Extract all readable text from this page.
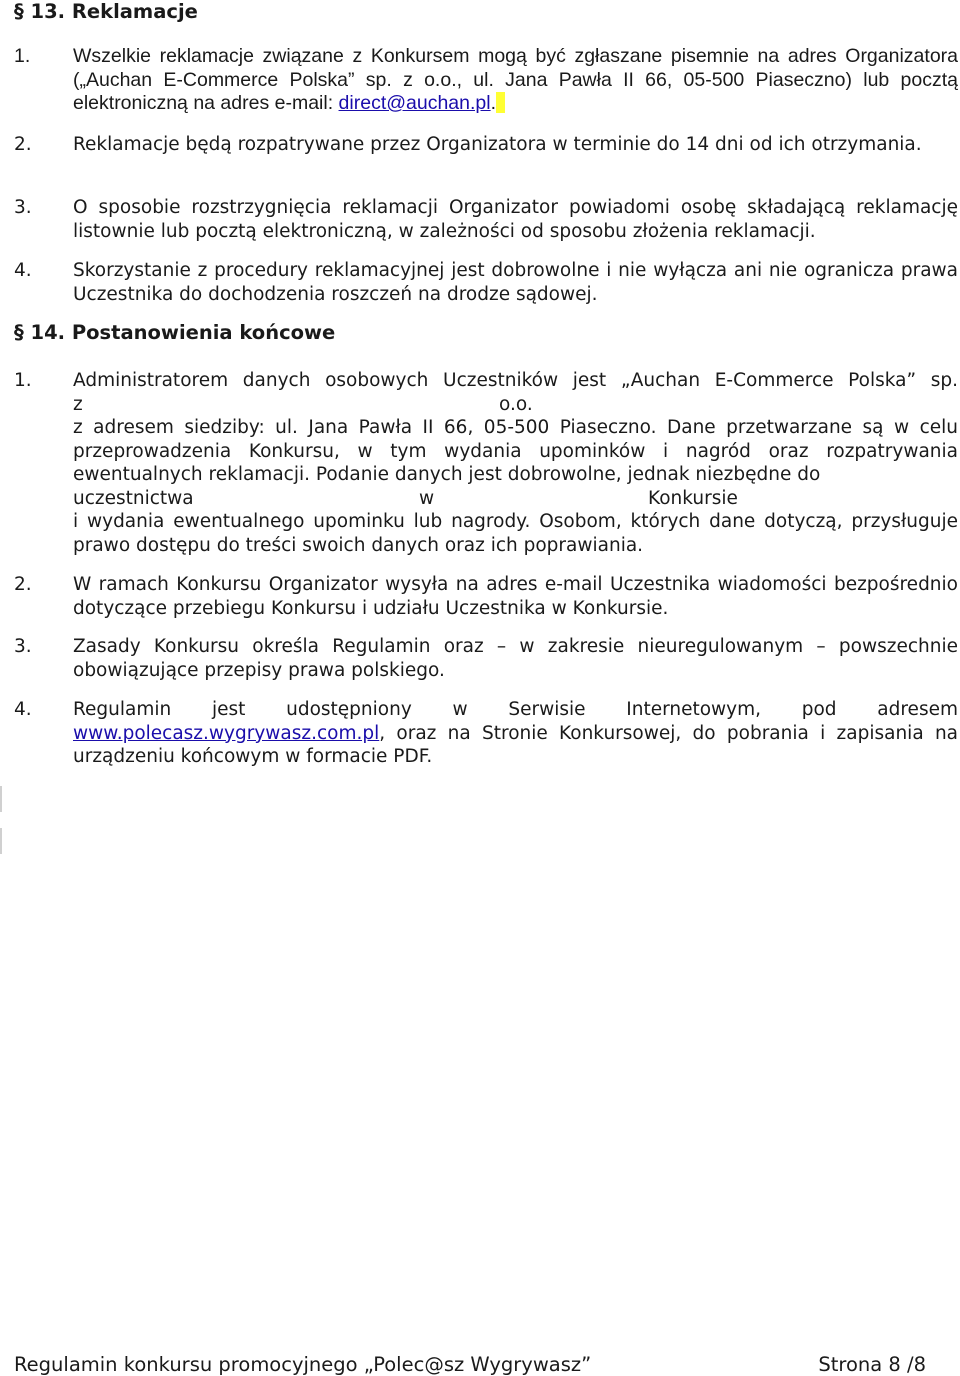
§ 13. Reklamacje
1. Wszelkie reklamacje związane z Konkursem mogą być zgłaszane pisemnie na adres Organizatora („Auchan E-Commerce Polska” sp. z o.o., ul. Jana Pawła II 66, 05-500 Piaseczno) lub pocztą elektroniczną na adres e-mail: direct@auchan.pl.
2. Reklamacje będą rozpatrywane przez Organizatora w terminie do 14 dni od ich otrzymania.
3. O sposobie rozstrzygnięcia reklamacji Organizator powiadomi osobę składającą reklamację listownie lub pocztą elektroniczną, w zależności od sposobu złożenia reklamacji.
4. Skorzystanie z procedury reklamacyjnej jest dobrowolne i nie wyłącza ani nie ogranicza prawa Uczestnika do dochodzenia roszczeń na drodze sądowej.
§ 14. Postanowienia końcowe
1. Administratorem danych osobowych Uczestników jest „Auchan E-Commerce Polska” sp.
z	o.o.
z adresem siedziby: ul. Jana Pawła II 66, 05-500 Piaseczno. Dane przetwarzane są w celu przeprowadzenia Konkursu, w tym wydania upominków i nagród oraz rozpatrywania ewentualnych reklamacji. Podanie danych jest dobrowolne, jednak niezbędne do
uczestnictwa	w	Konkursie
i wydania ewentualnego upominku lub nagrody. Osobom, których dane dotyczą, przysługuje prawo dostępu do treści swoich danych oraz ich poprawiania.
2. W ramach Konkursu Organizator wysyła na adres e-mail Uczestnika wiadomości bezpośrednio dotyczące przebiegu Konkursu i udziału Uczestnika w Konkursie.
3. Zasady Konkursu określa Regulamin oraz – w zakresie nieuregulowanym – powszechnie obowiązujące przepisy prawa polskiego.
4. Regulamin jest udostępniony w Serwisie Internetowym, pod adresem www.polecasz.wygrywasz.com.pl, oraz na Stronie Konkursowej, do pobrania i zapisania na urządzeniu końcowym w formacie PDF.
Regulamin konkursu promocyjnego „Polec@sz Wygrywasz”	Strona 8 /8
